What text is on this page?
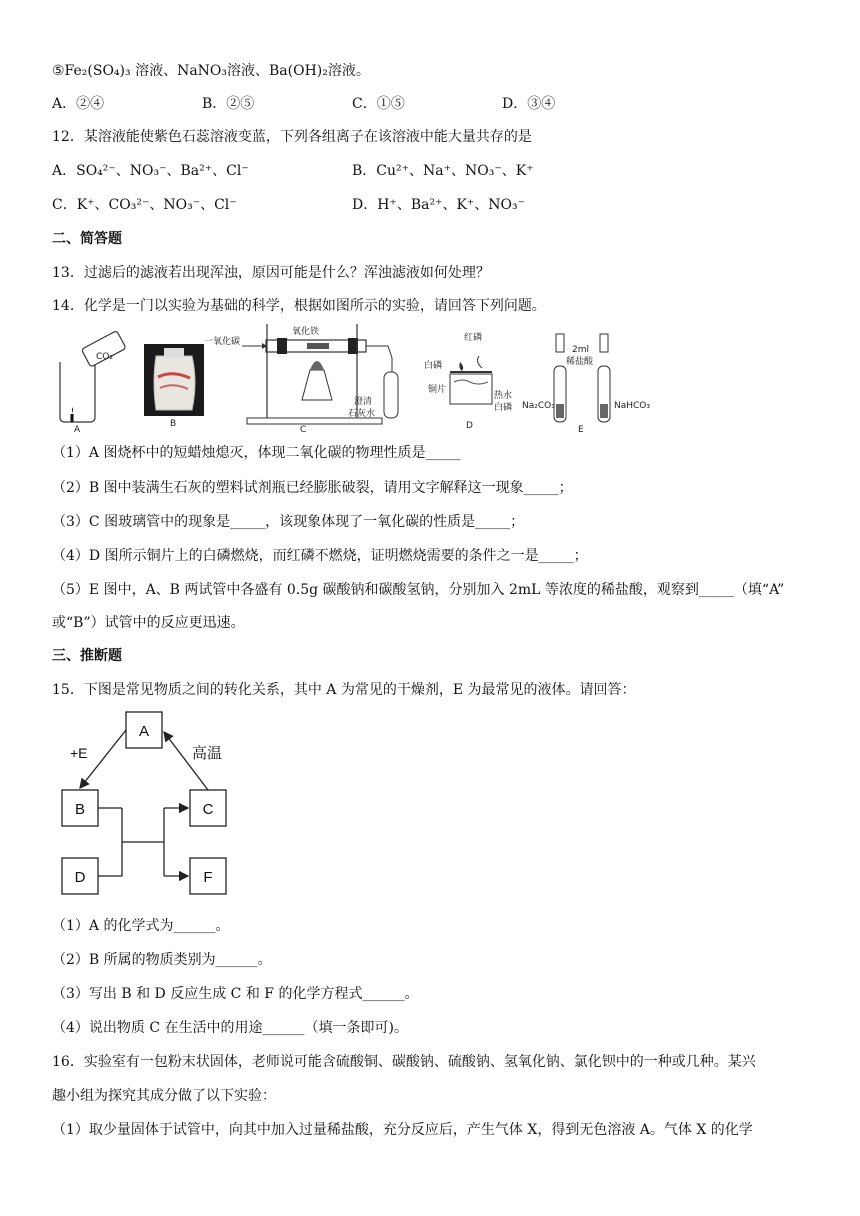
⑤Fe₂(SO₄)₃ 溶液、NaNO₃溶液、Ba(OH)₂溶液。
A．②④	B．②⑤	C．①⑤	D．③④
12．某溶液能使紫色石蕊溶液变蓝，下列各组离子在该溶液中能大量共存的是
A．SO₄²⁻、NO₃⁻、Ba²⁺、Cl⁻	B．Cu²⁺、Na⁺、NO₃⁻、K⁺
C．K⁺、CO₃²⁻、NO₃⁻、Cl⁻	D．H⁺、Ba²⁺、K⁺、NO₃⁻
二、简答题
13．过滤后的滤液若出现浑浊，原因可能是什么？浑浊滤液如何处理？
14．化学是一门以实验为基础的科学，根据如图所示的实验，请回答下列问题。
CO₂
A
B
一氧化碳
氧化铁
澄清
石灰水
C
红磷
白磷
铜片
热水
白磷
D
2ml
稀盐酸
Na₂CO₃	NaHCO₃
E
（1）A 图烧杯中的短蜡烛熄灭，体现二氧化碳的物理性质是_____
（2）B 图中装满生石灰的塑料试剂瓶已经膨胀破裂，请用文字解释这一现象_____；
（3）C 图玻璃管中的现象是_____，该现象体现了一氧化碳的性质是_____；
（4）D 图所示铜片上的白磷燃烧，而红磷不燃烧，证明燃烧需要的条件之一是_____；
（5）E 图中，A、B 两试管中各盛有 0.5g 碳酸钠和碳酸氢钠，分别加入 2mL 等浓度的稀盐酸，观察到_____（填“A”
或“B”）试管中的反应更迅速。
三、推断题
15．下图是常见物质之间的转化关系，其中 A 为常见的干燥剂，E 为最常见的液体。请回答：
A
B	C
D	F
+E	高温
（1）A 的化学式为______。
（2）B 所属的物质类别为______。
（3）写出 B 和 D 反应生成 C 和 F 的化学方程式______。
（4）说出物质 C 在生活中的用途______（填一条即可)。
16．实验室有一包粉末状固体，老师说可能含硫酸铜、碳酸钠、硫酸钠、氢氧化钠、氯化钡中的一种或几种。某兴
趣小组为探究其成分做了以下实验：
（1）取少量固体于试管中，向其中加入过量稀盐酸，充分反应后，产生气体 X，得到无色溶液 A。气体 X 的化学
